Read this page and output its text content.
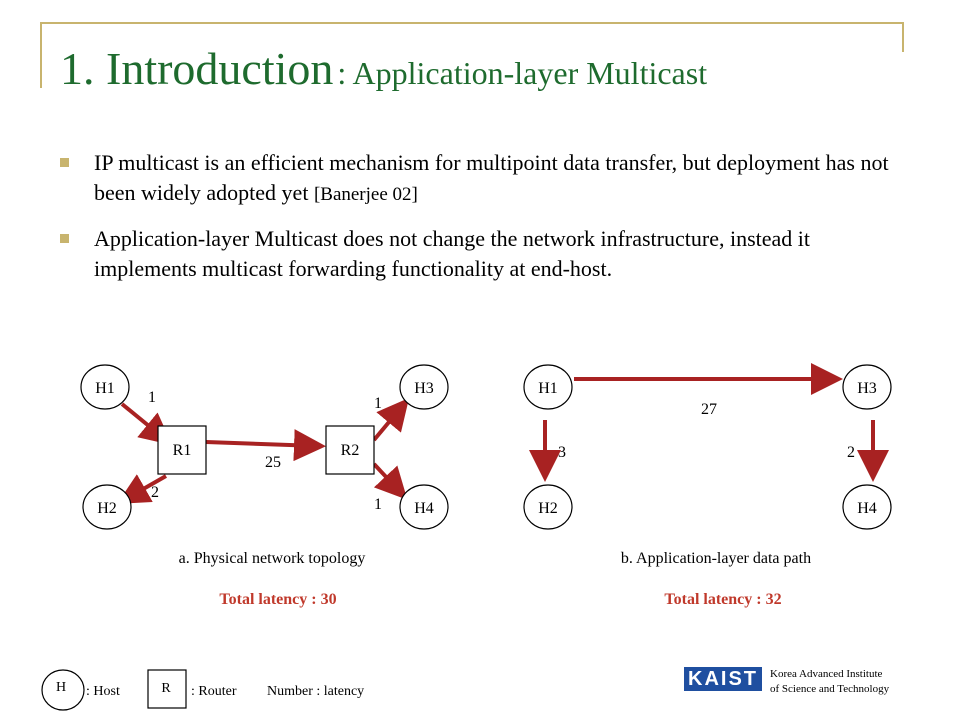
1. Introduction : Application-layer Multicast
IP multicast is an efficient mechanism for multipoint data transfer, but deployment has not been widely adopted yet [Banerjee 02]
Application-layer Multicast does not change the network infrastructure, instead it implements multicast forwarding functionality at end-host.
H1
H2
H3
H4
R1	R2
1
2
25
1
1
a. Physical network topology
Total latency : 30
H1
H2
H3
H4
27
3	2
b. Application-layer data path
Total latency : 32
H : Host	R : Router Number : latency
KAIST	Korea Advanced Institute
of Science and Technology
